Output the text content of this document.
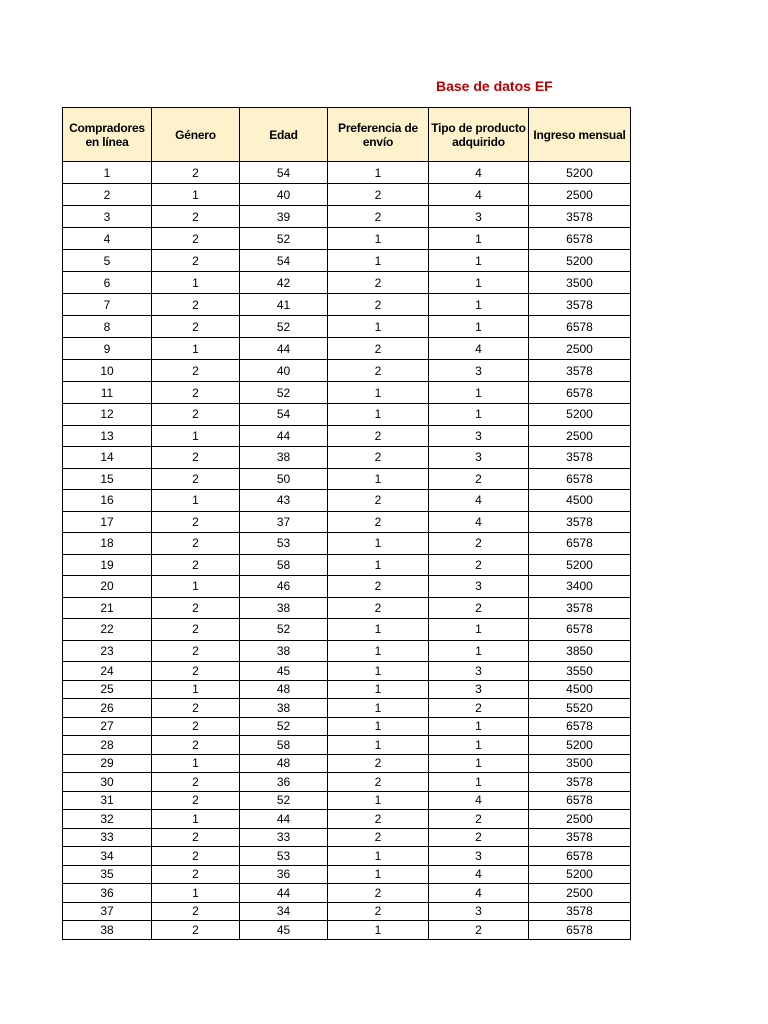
Base de datos EF
Compradores en línea	Género	Edad	Preferencia de envío	Tipo de producto adquirido	Ingreso mensual
1	2	54	1	4	5200
2	1	40	2	4	2500
3	2	39	2	3	3578
4	2	52	1	1	6578
5	2	54	1	1	5200
6	1	42	2	1	3500
7	2	41	2	1	3578
8	2	52	1	1	6578
9	1	44	2	4	2500
10	2	40	2	3	3578
11	2	52	1	1	6578
12	2	54	1	1	5200
13	1	44	2	3	2500
14	2	38	2	3	3578
15	2	50	1	2	6578
16	1	43	2	4	4500
17	2	37	2	4	3578
18	2	53	1	2	6578
19	2	58	1	2	5200
20	1	46	2	3	3400
21	2	38	2	2	3578
22	2	52	1	1	6578
23	2	38	1	1	3850
24	2	45	1	3	3550
25	1	48	1	3	4500
26	2	38	1	2	5520
27	2	52	1	1	6578
28	2	58	1	1	5200
29	1	48	2	1	3500
30	2	36	2	1	3578
31	2	52	1	4	6578
32	1	44	2	2	2500
33	2	33	2	2	3578
34	2	53	1	3	6578
35	2	36	1	4	5200
36	1	44	2	4	2500
37	2	34	2	3	3578
38	2	45	1	2	6578
